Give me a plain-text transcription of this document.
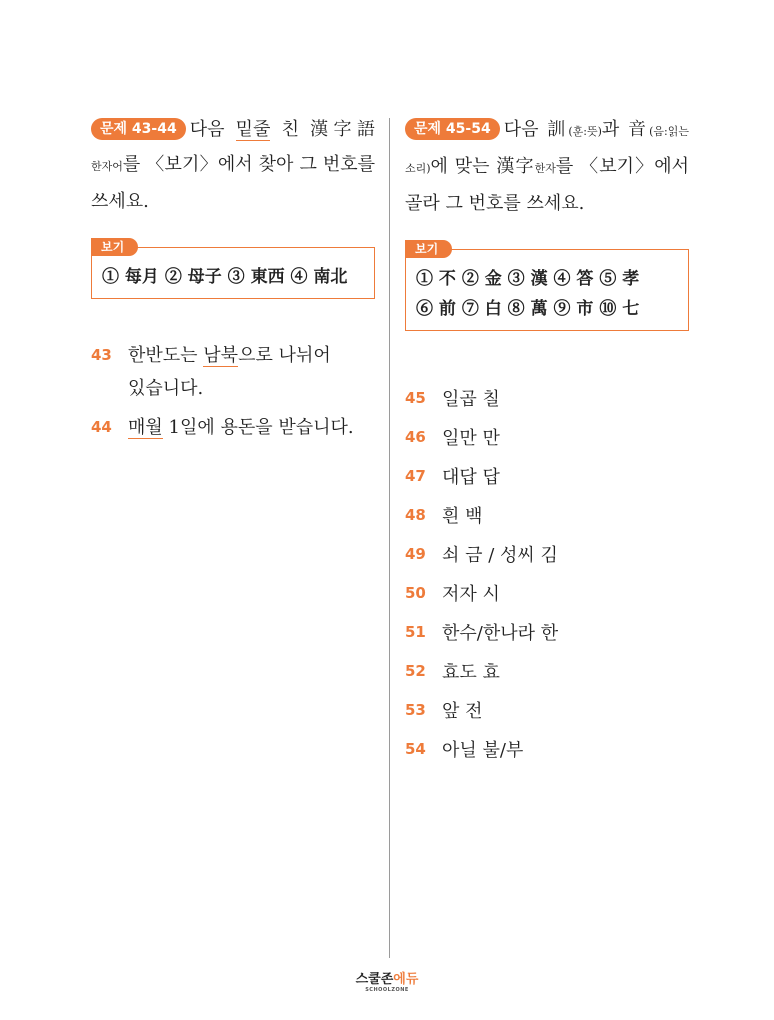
문제 43-44 다음 밑줄 친 漢字語 한자어를 〈보기〉에서 찾아 그 번호를 쓰세요.
보기
① 每月 ② 母子 ③ 東西 ④ 南北
43 한반도는 남북으로 나뉘어 있습니다.
44 매월 1일에 용돈을 받습니다.
문제 45-54 다음 訓(훈:뜻)과 音(음:읽는 소리)에 맞는 漢字한자를 〈보기〉에서 골라 그 번호를 쓰세요.
보기
① 不 ② 金 ③ 漢 ④ 答 ⑤ 孝
⑥ 前 ⑦ 白 ⑧ 萬 ⑨ 市 ⑩ 七
45 일곱 칠
46 일만 만
47 대답 답
48 흰 백
49 쇠 금 / 성씨 김
50 저자 시
51 한수/한나라 한
52 효도 효
53 앞 전
54 아닐 불/부
스쿨존에듀
SCHOOLZONE
